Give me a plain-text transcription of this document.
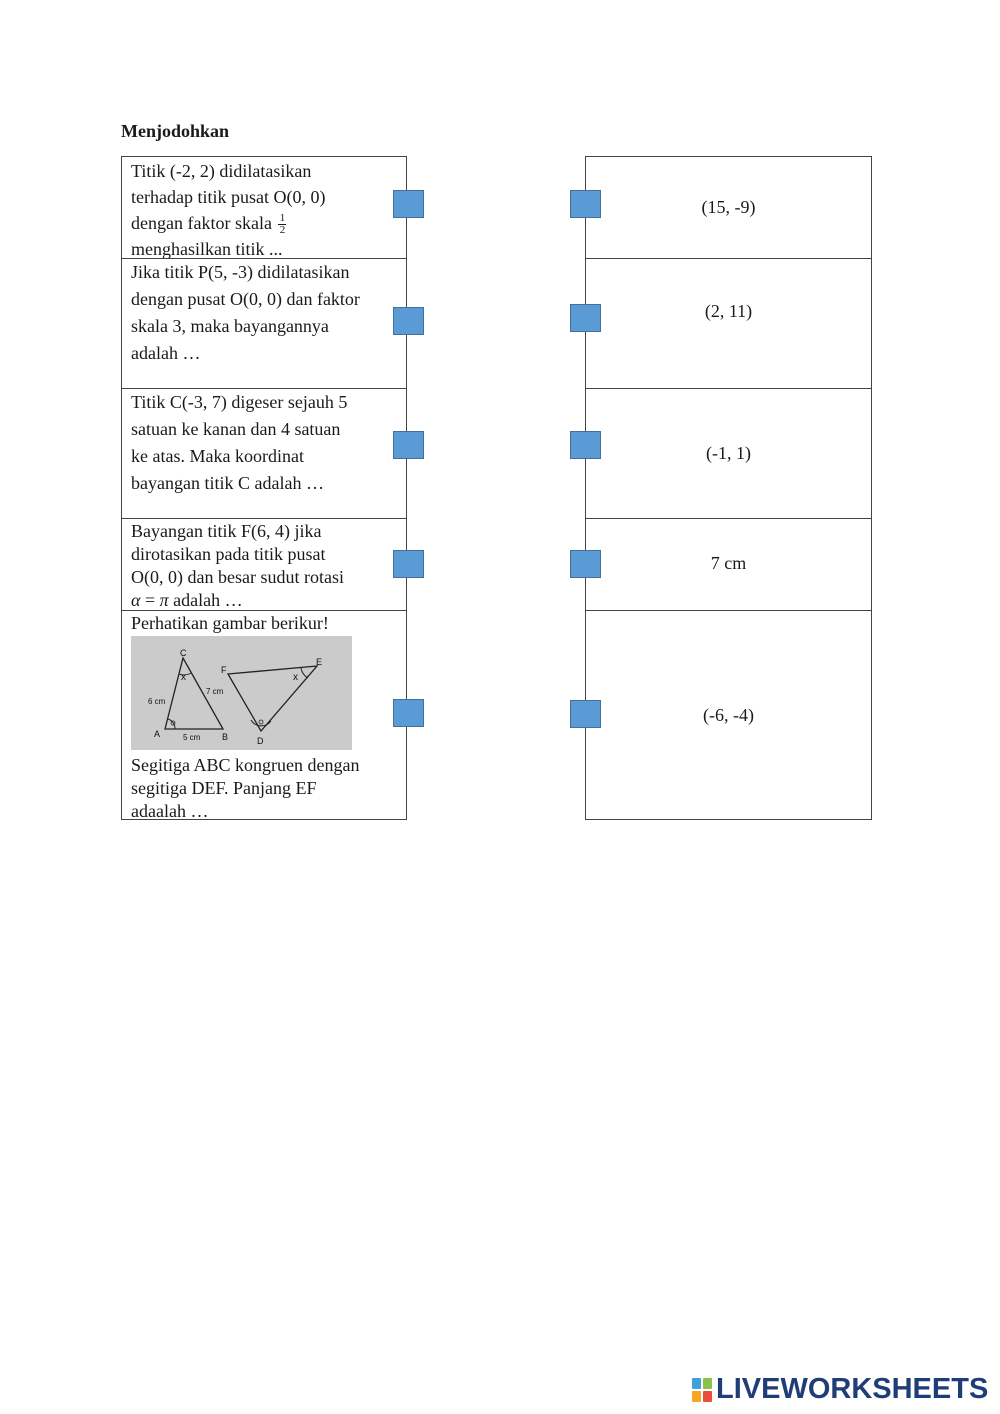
Menjodohkan
Titik (-2, 2) didilatasikan
terhadap titik pusat O(0, 0)
dengan faktor skala $\frac{1}{2}$
menghasilkan titik ...
Jika titik P(5, -3) didilatasikan
dengan pusat O(0, 0) dan faktor
skala 3, maka bayangannya
adalah …
Titik C(-3, 7) digeser sejauh 5
satuan ke kanan dan 4 satuan
ke atas. Maka koordinat
bayangan titik C adalah …
Bayangan titik F(6, 4) jika
dirotasikan pada titik pusat
O(0, 0) dan besar sudut rotasi
α = π adalah …
Perhatikan gambar berikur!
C
A	B
F
E
D
x	x
6 cm
7 cm
5 cm
Segitiga ABC kongruen dengan
segitiga DEF. Panjang EF
adaalah …
(15, -9)
(2, 11)
(-1, 1)
7 cm
(-6, -4)
LIVEWORKSHEETS
